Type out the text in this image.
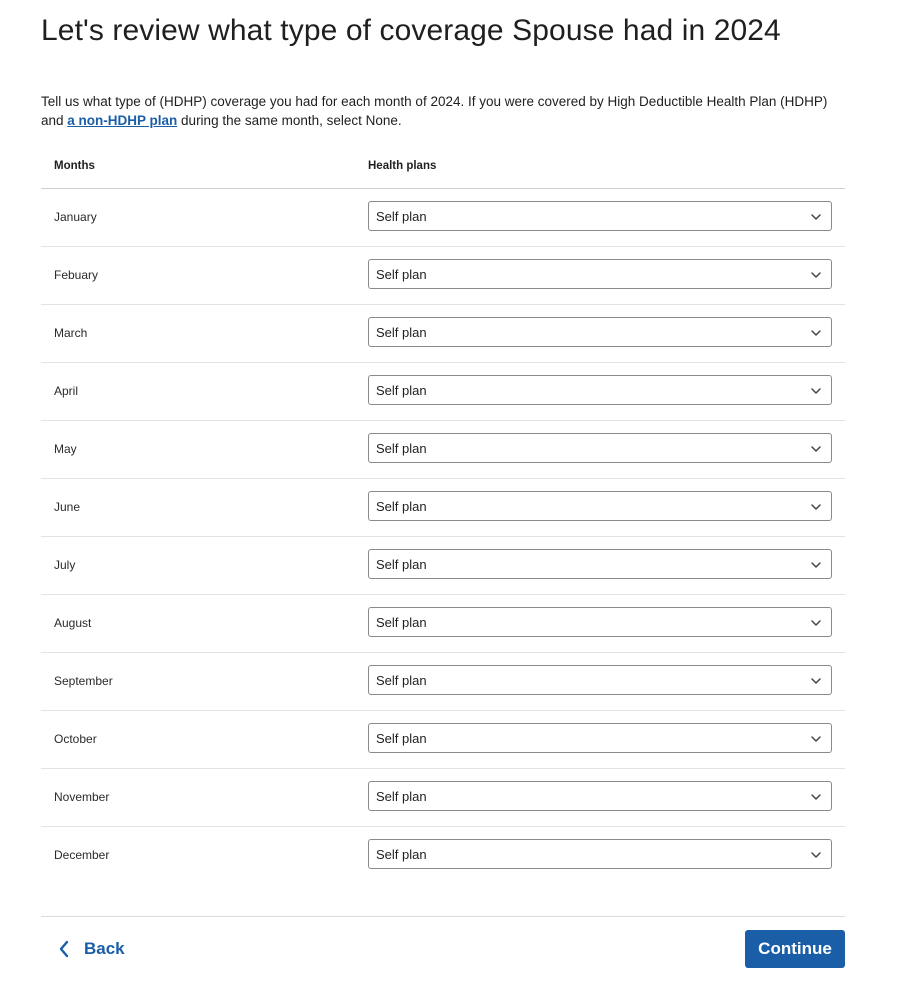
Let's review what type of coverage Spouse had in 2024

Tell us what type of (HDHP) coverage you had for each month of 2024. If you were covered by High Deductible Health Plan (HDHP) and a non-HDHP plan during the same month, select None.

Months	Health plans
January	Self plan
Febuary	Self plan
March	Self plan
April	Self plan
May	Self plan
June	Self plan
July	Self plan
August	Self plan
September	Self plan
October	Self plan
November	Self plan
December	Self plan
Back	Continue
